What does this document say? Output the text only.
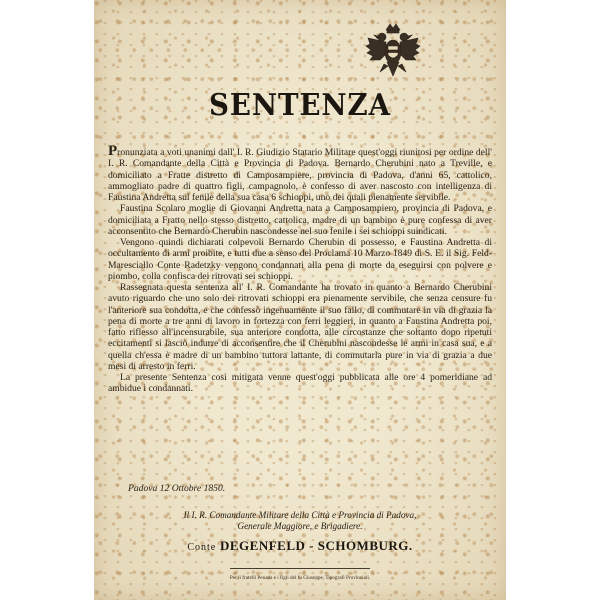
SENTENZA

Pronunziata a voti unanimi dall' I. R. Giudizio Statario Militare quest'oggi riunitosi per ordine dell' I. R. Comandante della Città e Provincia di Padova. Bernardo Cherubini nato a Treville, e domiciliato a Fratte distretto di Camposampiere, provincia di Padova, d'anni 65, cattolico, ammogliato padre di quattro figli, campagnolo, è confesso di aver nascosto con intelligenza di Faustina Andretta sul fenile della sua casa 6 schioppi, uno dei quali pienamente servibile.

Faustina Scolaro moglie di Giovanni Andretta nata a Camposampiero, provincia di Padova, e domiciliata a Fratto nello stesso distretto, cattolica, madre di un bambino è pure confessa di aver acconsentito che Bernardo Cherubin nascondesse nel suo fenile i sei schioppi suindicati.

Vengono quindi dichiarati colpevoli Bernardo Cherubin di possesso, e Faustina Andretta di occultamento di armi proibite, e tutti due a senso del Proclama 10 Marzo 1849 di S. E. il Sig. Feld-Maresciallo Conte Radetzky vengono condannati alla pena di morte da eseguirsi con polvere e piombo, colla confisca dei ritrovati sei schioppi.

Rassegnata questa sentenza all' I. R. Comandante ha trovato in quanto a Bernardo Cherubini avuto riguardo che uno solo dei ritrovati schioppi era pienamente servibile, che senza censure fu l'anteriore sua condotta, e che confessò ingenuamente il suo fallo, di commutare in via di grazia la pena di morte a tre anni di lavoro in fortezza con ferri leggieri, in quanto a Faustina Andretta poi, fatto riflesso all'incensurabile, sua anteriore condotta, alle circostanze che soltanto dopo ripetuti eccitamenti si lasciò indurre di acconsentire che il Cherubini nascondesse le armi in casa sua, e a quella ch'essa è madre di un bambino tuttora lattante, di commutarla pure in via di grazia a due mesi di arresto in ferri.

La presente Sentenza così mitigata venne quest'oggi pubblicata alle ore 4 pomeridiane ad ambidue i condannati.

Padova 12 Ottobre 1850.
Il I. R. Comandante Militare della Città e Provincia di Padova,
Generale Maggiore, e Brigadiere.
Conte DEGENFELD - SCHOMBURG.
Per li fratelli Penada e i figli del fu Giuseppe, Tipografi Provinciali.
